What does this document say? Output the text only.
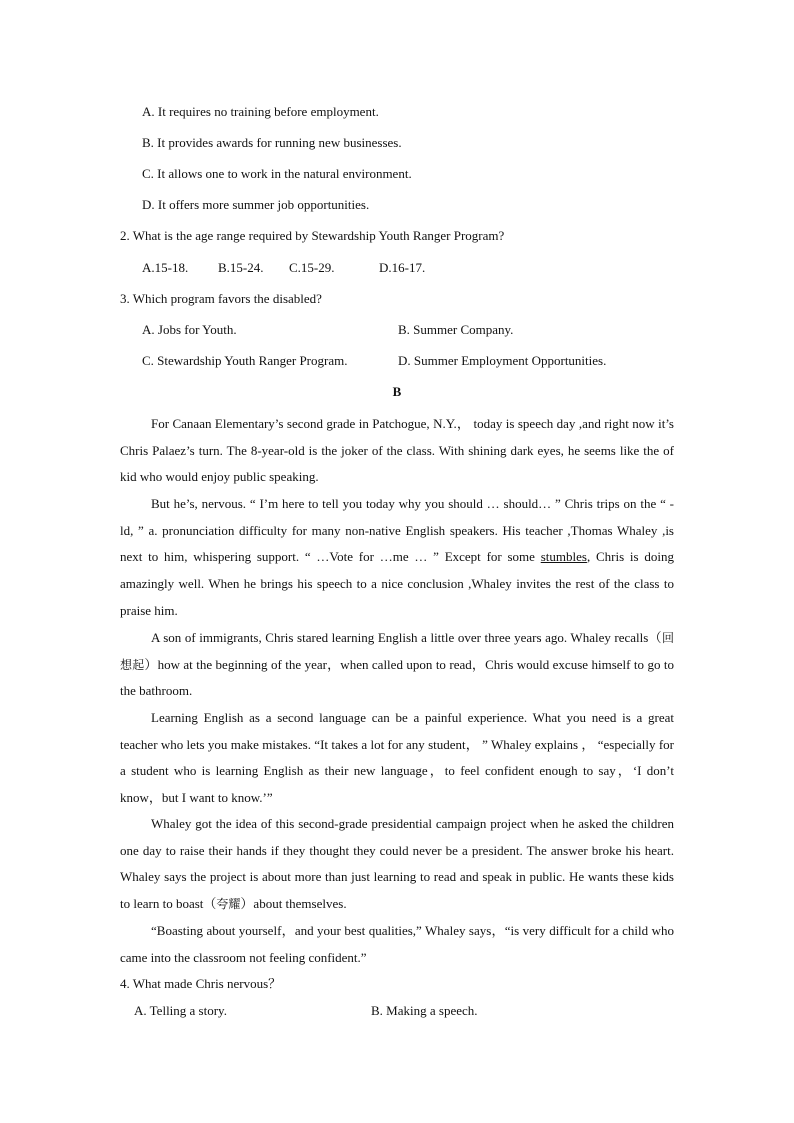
A. It requires no training before employment.
B. It provides awards for running new businesses.
C. It allows one to work in the natural environment.
D. It offers more summer job opportunities.
2. What is the age range required by Stewardship Youth Ranger Program?
A.15-18. B.15-24. C.15-29.	D.16-17.
3. Which program favors the disabled?
A. Jobs for Youth.	B. Summer Company.
C. Stewardship Youth Ranger Program.	D. Summer Employment Opportunities.
B

For Canaan Elementary’s second grade in Patchogue, N.Y.， today is speech day ,and right now it’s Chris Palaez’s turn. The 8-year-old is the joker of the class. With shining dark eyes, he seems like the of kid who would enjoy public speaking.

But he’s, nervous. “ I’m here to tell you today why you should … should… ” Chris trips on the “ -ld, ” a. pronunciation difficulty for many non-native English speakers. His teacher ,Thomas Whaley ,is next to him, whispering support. “ …Vote for …me … ” Except for some stumbles, Chris is doing amazingly well. When he brings his speech to a nice conclusion ,Whaley invites the rest of the class to praise him.

A son of immigrants, Chris stared learning English a little over three years ago. Whaley recalls（回想起）how at the beginning of the year，when called upon to read，Chris would excuse himself to go to the bathroom.

Learning English as a second language can be a painful experience. What you need is a great teacher who lets you make mistakes. “It takes a lot for any student， ” Whaley explains ， “especially for a student who is learning English as their new language，to feel confident enough to say，‘I don’t know，but I want to know.’”

Whaley got the idea of this second-grade presidential campaign project when he asked the children one day to raise their hands if they thought they could never be a president. The answer broke his heart. Whaley says the project is about more than just learning to read and speak in public. He wants these kids to learn to boast（夸耀）about themselves.

“Boasting about yourself，and your best qualities,” Whaley says，“is very difficult for a child who came into the classroom not feeling confident.”

4. What made Chris nervous？
A. Telling a story.	B. Making a speech.
